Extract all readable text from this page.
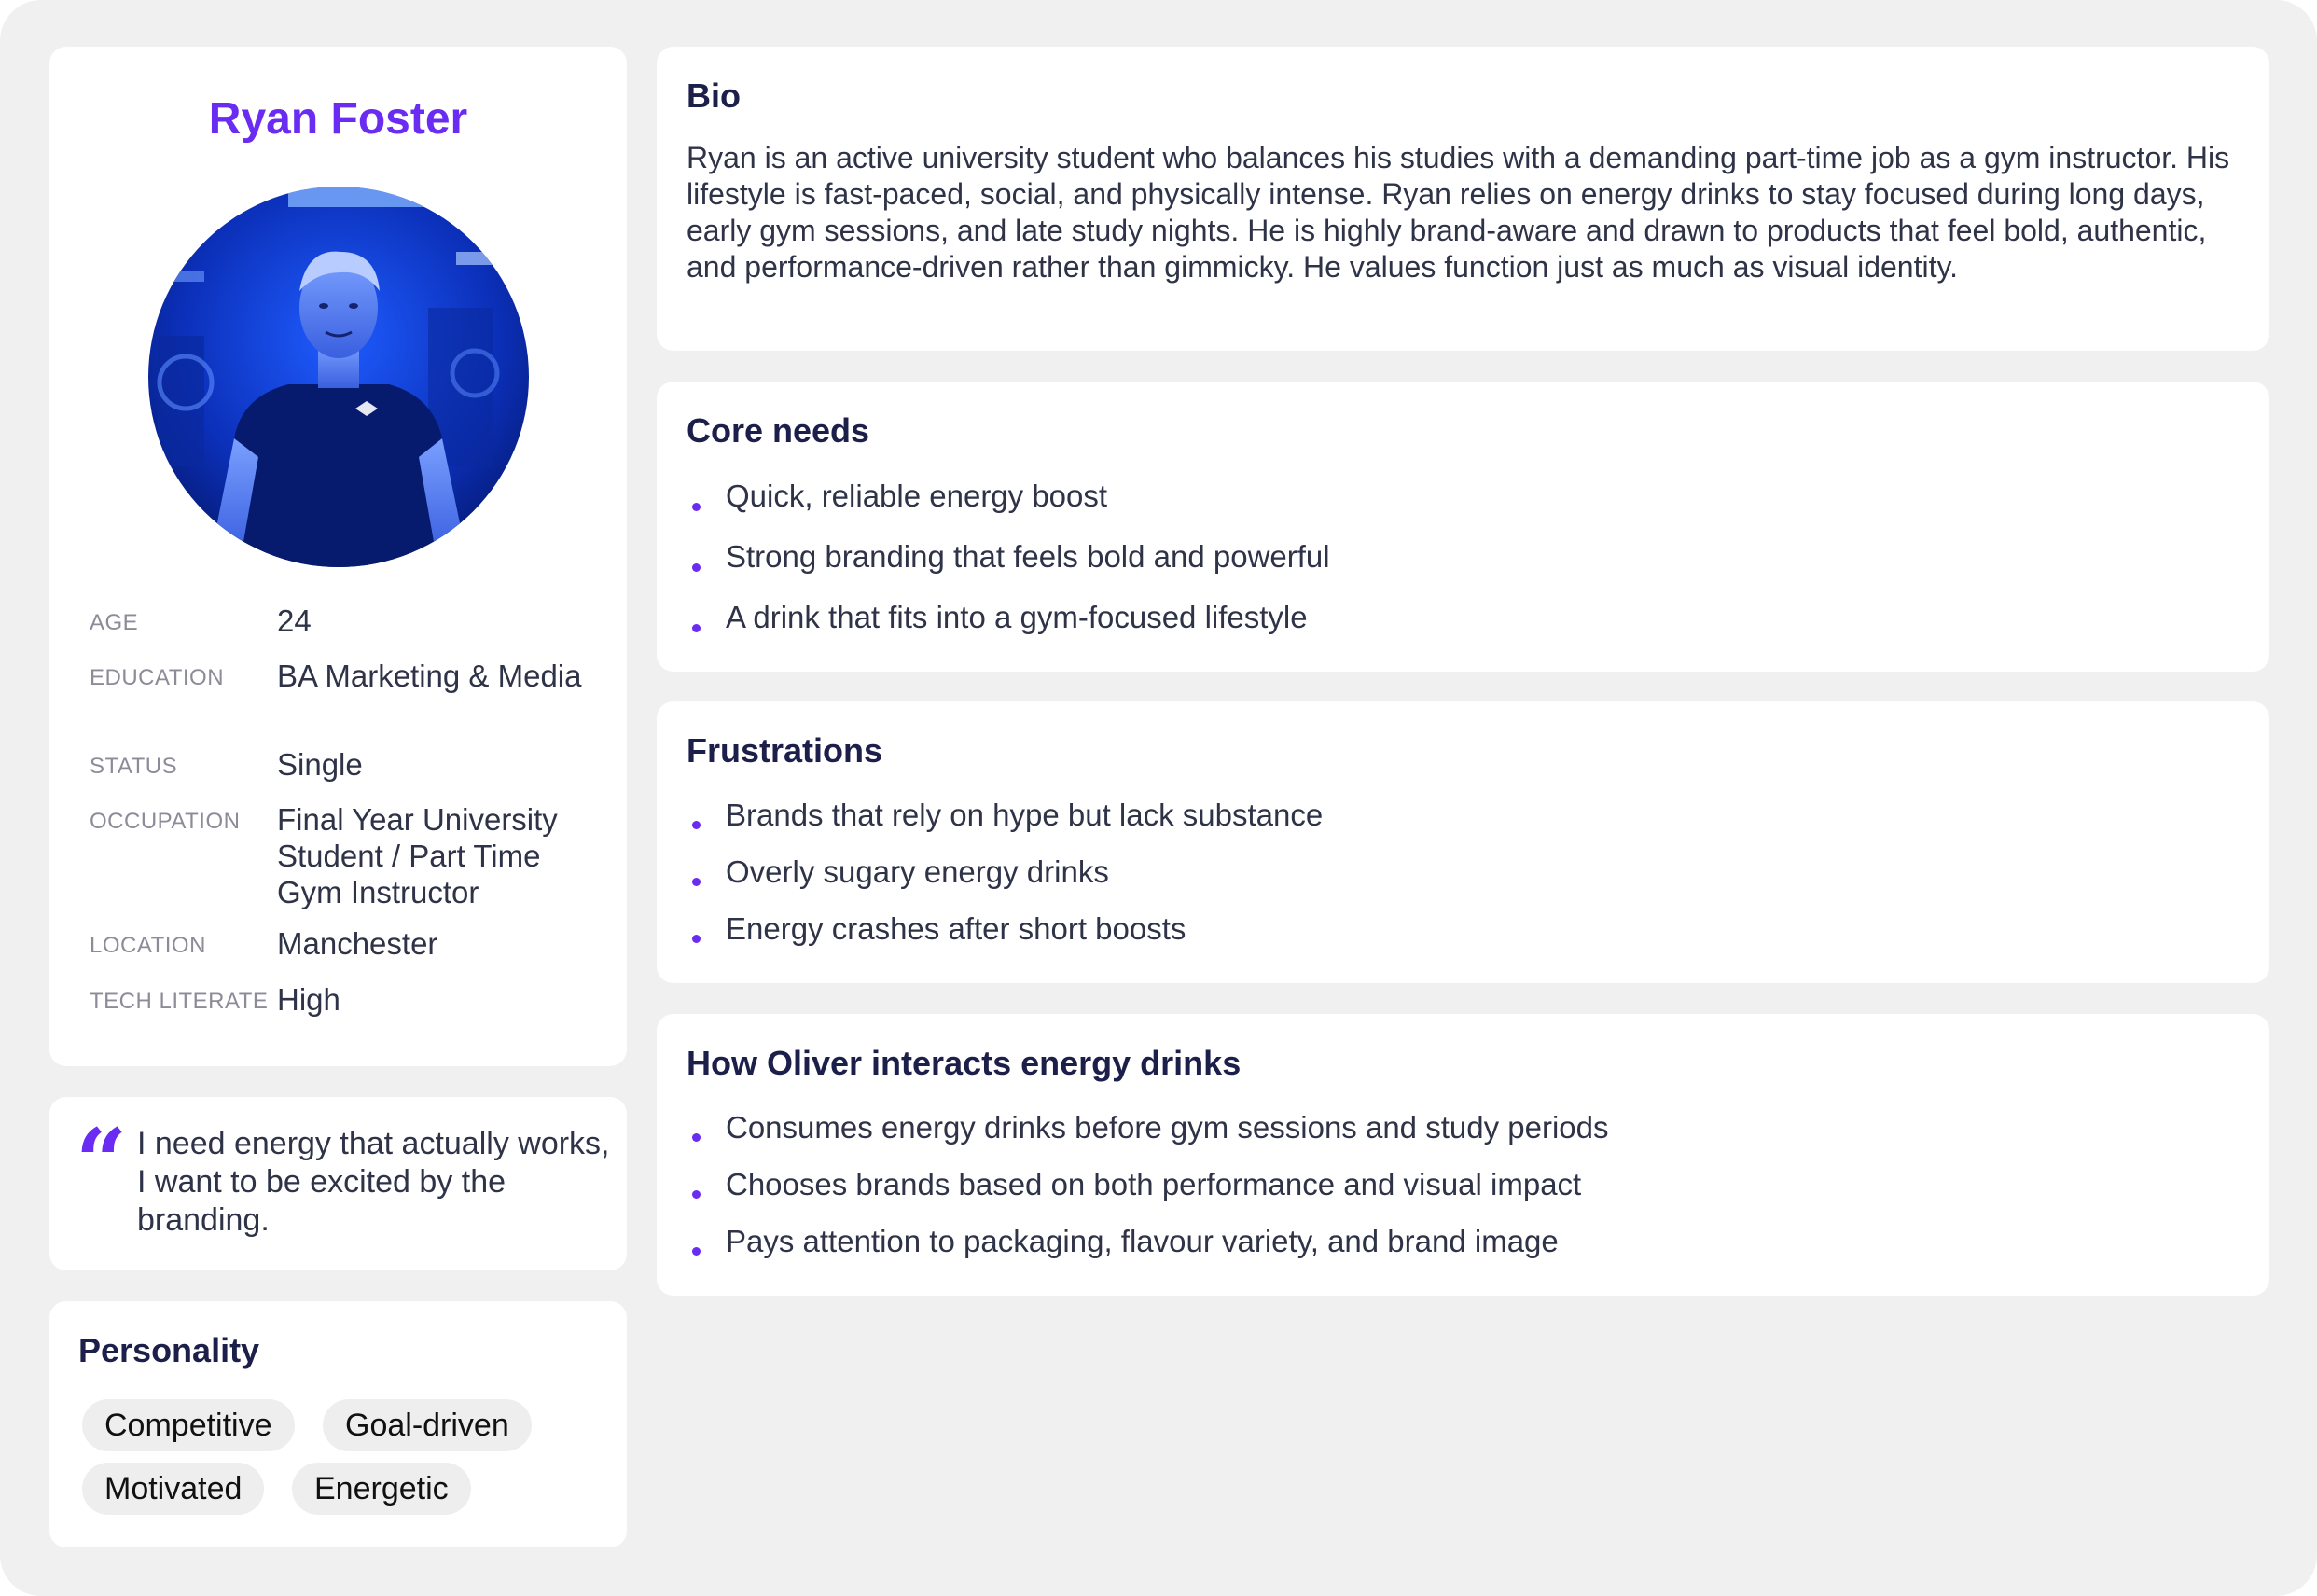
Ryan Foster
AGE	24
EDUCATION BA Marketing & Media
STATUS	Single
OCCUPATION Final Year University Student / Part Time Gym Instructor
LOCATION Manchester
TECH LITERATE High
“ I need energy that actually works, I want to be excited by the branding.
Personality
Competitive	Goal-driven
Motivated	Energetic
Bio
Ryan is an active university student who balances his studies with a demanding part-time job as a gym instructor. His lifestyle is fast-paced, social, and physically intense. Ryan relies on energy drinks to stay focused during long days, early gym sessions, and late study nights. He is highly brand-aware and drawn to products that feel bold, authentic, and performance-driven rather than gimmicky. He values function just as much as visual identity.
Core needs
Quick, reliable energy boost
Strong branding that feels bold and powerful
A drink that fits into a gym-focused lifestyle
Frustrations
Brands that rely on hype but lack substance
Overly sugary energy drinks
Energy crashes after short boosts
How Oliver interacts energy drinks
Consumes energy drinks before gym sessions and study periods
Chooses brands based on both performance and visual impact
Pays attention to packaging, flavour variety, and brand image
